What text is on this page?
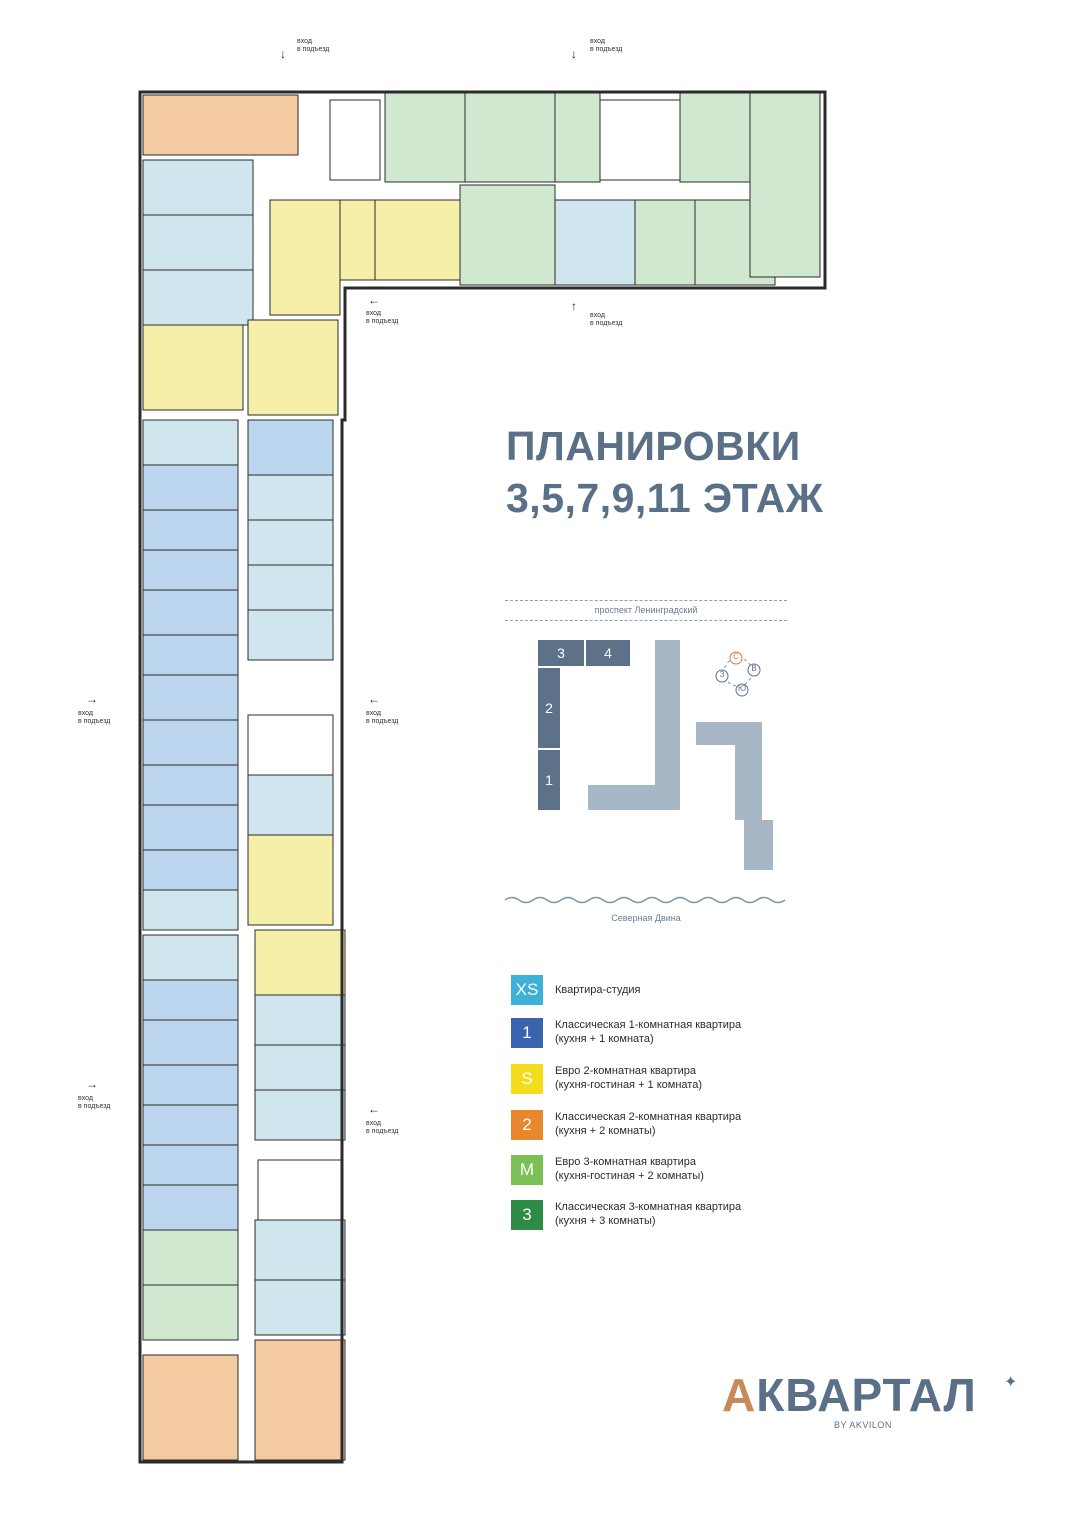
↓
вход
в подъезд	↓
вход
в подъезд
←
вход
в подъезд
↑
вход
в подъезд
→
вход
в подъезд
←
вход
в подъезд
→
вход
в подъезд	←
вход
в подъезд
ПЛАНИРОВКИ
3,5,7,9,11 ЭТАЖ
проспект Ленинградский
3	4
2
1
С
В
Ю
З
Северная Двина
XS	Квартира-студия
1	Классическая 1-комнатная квартира
(кухня + 1 комната)
S	Евро 2-комнатная квартира
(кухня-гостиная + 1 комната)
2	Классическая 2-комнатная квартира
(кухня + 2 комнаты)
M	Евро 3-комнатная квартира
(кухня-гостиная + 2 комнаты)
3	Классическая 3-комнатная квартира
(кухня + 3 комнаты)
АКВАРТАЛ ✦
BY AKVILON
